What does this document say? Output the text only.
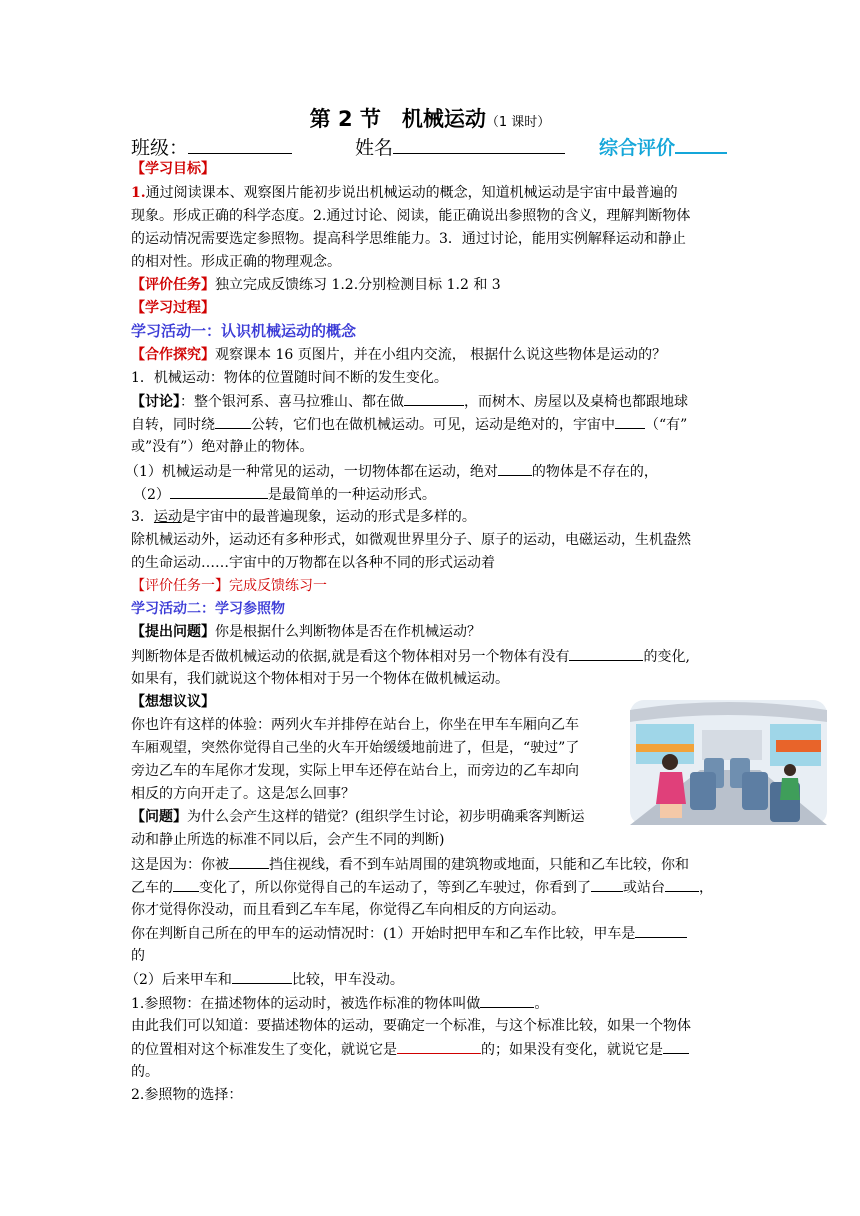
第 2 节　机械运动（1 课时）
班级：	姓名	综合评价
【学习目标】
1.通过阅读课本、观察图片能初步说出机械运动的概念，知道机械运动是宇宙中最普遍的
现象。形成正确的科学态度。2.通过讨论、阅读，能正确说出参照物的含义，理解判断物体
的运动情况需要选定参照物。提高科学思维能力。3．通过讨论，能用实例解释运动和静止
的相对性。形成正确的物理观念。
【评价任务】独立完成反馈练习 1.2.分别检测目标 1.2 和 3
【学习过程】
学习活动一：认识机械运动的概念
【合作探究】观察课本 16 页图片，并在小组内交流， 根据什么说这些物体是运动的？
1．机械运动：物体的位置随时间不断的发生变化。
【讨论】：整个银河系、喜马拉雅山、都在做	，而树木、房屋以及桌椅也都跟地球
自转，同时绕	公转，它们也在做机械运动。可见，运动是绝对的，宇宙中 （“有”
或”没有”）绝对静止的物体。
（1）机械运动是一种常见的运动，一切物体都在运动，绝对 的物体是不存在的，
（2）	是最简单的一种运动形式。
3．运动是宇宙中的最普遍现象，运动的形式是多样的。
除机械运动外，运动还有多种形式，如微观世界里分子、原子的运动，电磁运动，生机盎然
的生命运动……宇宙中的万物都在以各种不同的形式运动着
【评价任务一】完成反馈练习一
学习活动二：学习参照物
【提出问题】你是根据什么判断物体是否在作机械运动？
判断物体是否做机械运动的依据,就是看这个物体相对另一个物体有没有	的变化,
如果有，我们就说这个物体相对于另一个物体在做机械运动。
【想想议议】
你也许有这样的体验：两列火车并排停在站台上，你坐在甲车车厢向乙车
车厢观望，突然你觉得自己坐的火车开始缓缓地前进了，但是，“驶过”了
旁边乙车的车尾你才发现，实际上甲车还停在站台上，而旁边的乙车却向
相反的方向开走了。这是怎么回事？
【问题】为什么会产生这样的错觉？(组织学生讨论，初步明确乘客判断运
动和静止所选的标准不同以后，会产生不同的判断)
这是因为：你被	挡住视线，看不到车站周围的建筑物或地面，只能和乙车比较，你和
乙车的 变化了，所以你觉得自己的车运动了，等到乙车驶过，你看到了 或站台 ，
你才觉得你没动，而且看到乙车车尾，你觉得乙车向相反的方向运动。
你在判断自己所在的甲车的运动情况时：(1）开始时把甲车和乙车作比较，甲车是
的
（2）后来甲车和	比较，甲车没动。
1.参照物：在描述物体的运动时，被选作标准的物体叫做	。
由此我们可以知道：要描述物体的运动，要确定一个标准，与这个标准比较，如果一个物体
的位置相对这个标准发生了变化，就说它是	的；如果没有变化，就说它是
的。
2.参照物的选择：
